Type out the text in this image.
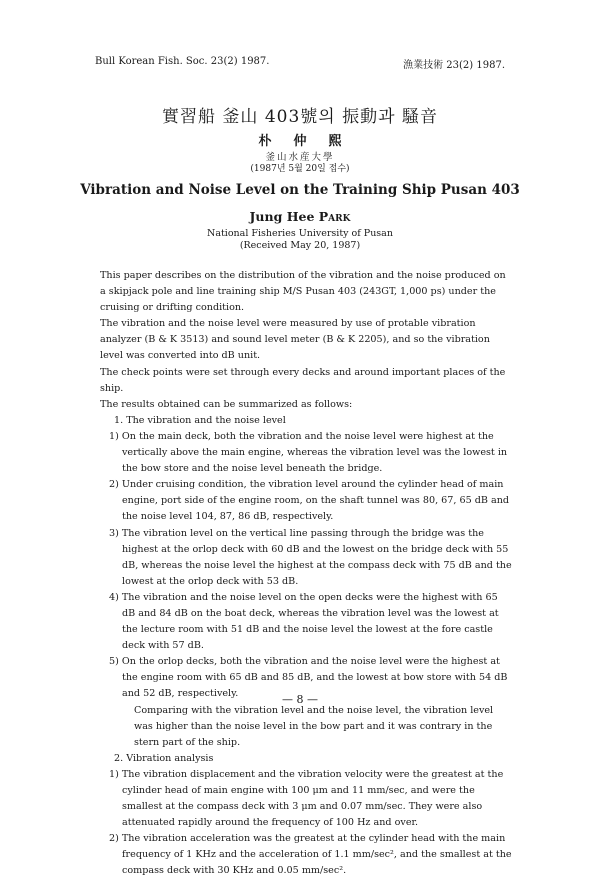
Bull Korean Fish. Soc. 23(2) 1987.	漁業技術 23(2) 1987.
實習船 釜山 403號의 振動과 騷音
朴仲熙
釜山水産大學
(1987년 5월 20일 접수)
Vibration and Noise Level on the Training Ship Pusan 403
Jung Hee Park
National Fisheries University of Pusan
(Received May 20, 1987)

This paper describes on the distribution of the vibration and the noise produced on a skipjack pole and line training ship M/S Pusan 403 (243GT, 1,000 ps) under the cruising or drifting condition.

The vibration and the noise level were measured by use of protable vibration analyzer (B & K 3513) and sound level meter (B & K 2205), and so the vibration level was converted into dB unit.

The check points were set through every decks and around important places of the ship.

The results obtained can be summarized as follows:

1. The vibration and the noise level

1) On the main deck, both the vibration and the noise level were highest at the vertically above the main engine, whereas the vibration level was the lowest in the bow store and the noise level beneath the bridge.

2) Under cruising condition, the vibration level around the cylinder head of main engine, port side of the engine room, on the shaft tunnel was 80, 67, 65 dB and the noise level 104, 87, 86 dB, respectively.

3) The vibration level on the vertical line passing through the bridge was the highest at the orlop deck with 60 dB and the lowest on the bridge deck with 55 dB, whereas the noise level the highest at the compass deck with 75 dB and the lowest at the orlop deck with 53 dB.

4) The vibration and the noise level on the open decks were the highest with 65 dB and 84 dB on the boat deck, whereas the vibration level was the lowest at the lecture room with 51 dB and the noise level the lowest at the fore castle deck with 57 dB.

5) On the orlop decks, both the vibration and the noise level were the highest at the engine room with 65 dB and 85 dB, and the lowest at bow store with 54 dB and 52 dB, respectively.

Comparing with the vibration level and the noise level, the vibration level was higher than the noise level in the bow part and it was contrary in the stern part of the ship.

2. Vibration analysis

1) The vibration displacement and the vibration velocity were the greatest at the cylinder head of main engine with 100 μm and 11 mm/sec, and were the smallest at the compass deck with 3 μm and 0.07 mm/sec. They were also attenuated rapidly around the frequency of 100 Hz and over.

2) The vibration acceleration was the greatest at the cylinder head with the main frequency of 1 KHz and the acceleration of 1.1 mm/sec², and the smallest at the compass deck with 30 KHz and 0.05 mm/sec².

— 8 —
